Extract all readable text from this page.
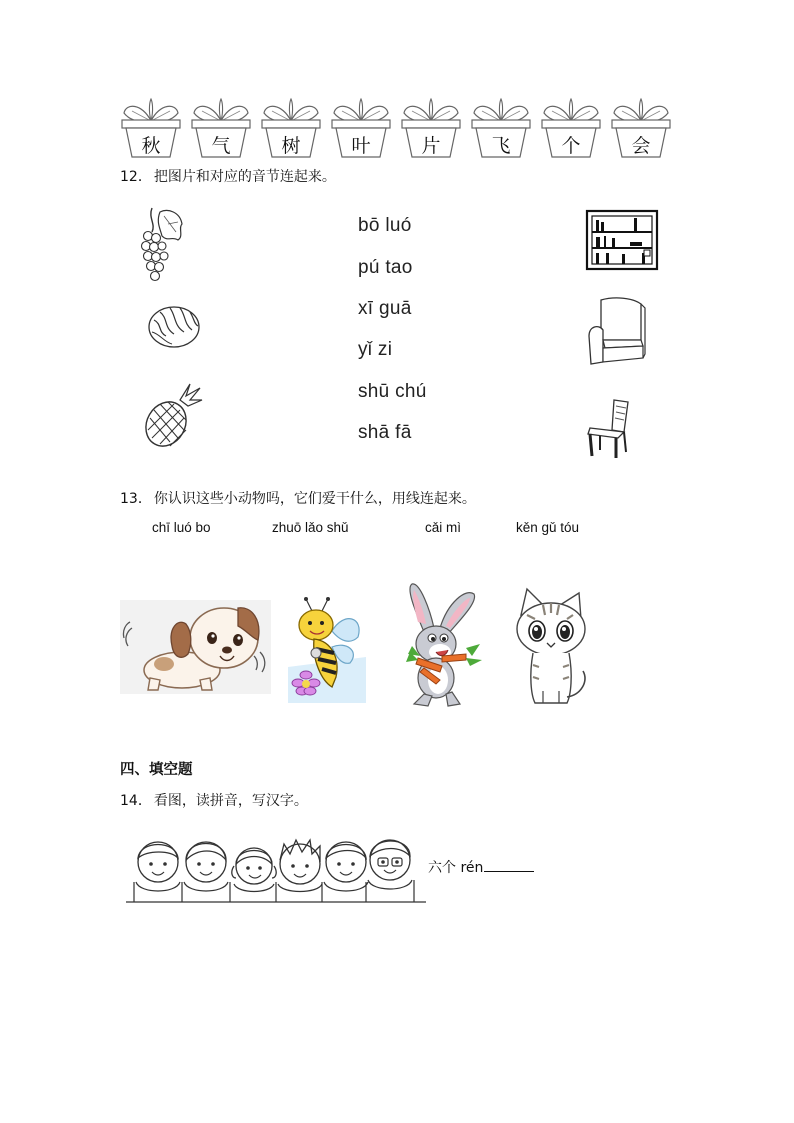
秋	气	树	叶	片	飞	个	会
12． 把图片和对应的音节连起来。
bō luó
pú tao
xī guā
yǐ zi
shū chú
shā fā
13． 你认识这些小动物吗，它们爱干什么，用线连起来。
chī luó bo	zhuō lǎo shǔ	cǎi mì	kěn gǔ tóu
四、填空题
14． 看图，读拼音，写汉字。
六个 rén
